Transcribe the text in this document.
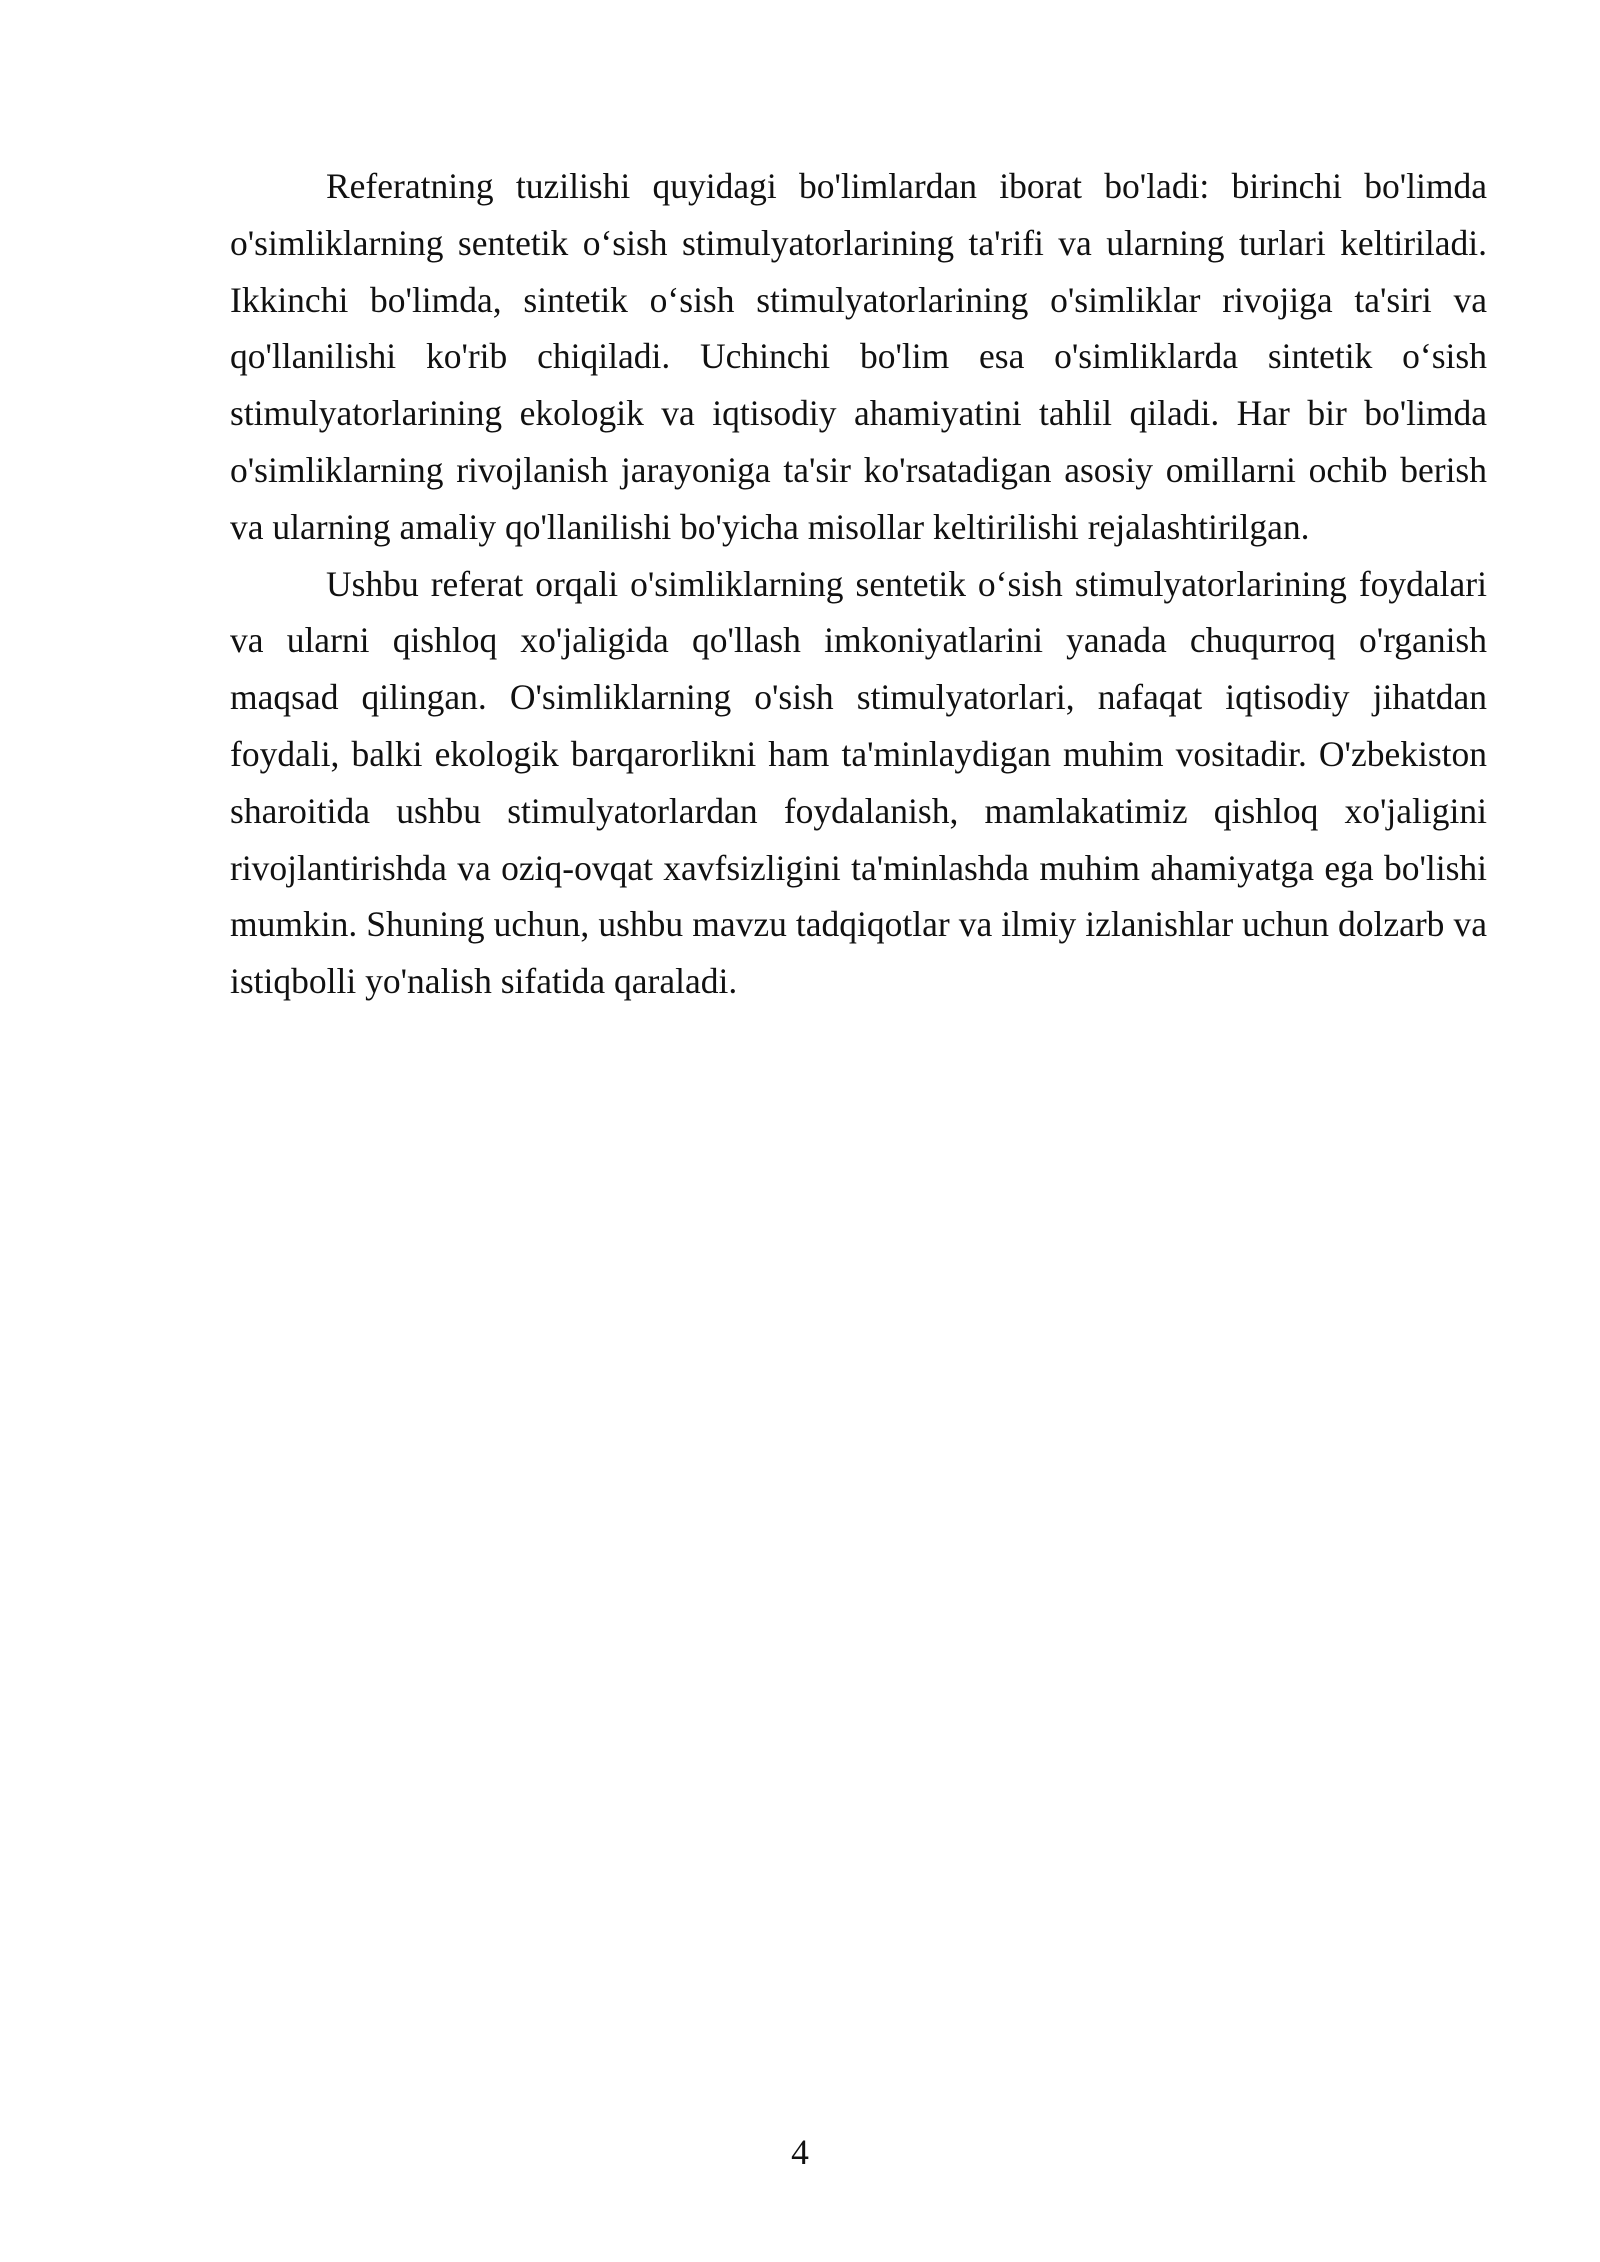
Referatning tuzilishi quyidagi bo'limlardan iborat bo'ladi: birinchi bo'limda o'simliklarning sentetik o‘sish stimulyatorlarining ta'rifi va ularning turlari keltiriladi. Ikkinchi bo'limda, sintetik o‘sish stimulyatorlarining o'simliklar rivojiga ta'siri va qo'llanilishi ko'rib chiqiladi. Uchinchi bo'lim esa o'simliklarda sintetik o‘sish stimulyatorlarining ekologik va iqtisodiy ahamiyatini tahlil qiladi. Har bir bo'limda o'simliklarning rivojlanish jarayoniga ta'sir ko'rsatadigan asosiy omillarni ochib berish va ularning amaliy qo'llanilishi bo'yicha misollar keltirilishi rejalashtirilgan.

Ushbu referat orqali o'simliklarning sentetik o‘sish stimulyatorlarining foydalari va ularni qishloq xo'jaligida qo'llash imkoniyatlarini yanada chuqurroq o'rganish maqsad qilingan. O'simliklarning o'sish stimulyatorlari, nafaqat iqtisodiy jihatdan foydali, balki ekologik barqarorlikni ham ta'minlaydigan muhim vositadir. O'zbekiston sharoitida ushbu stimulyatorlardan foydalanish, mamlakatimiz qishloq xo'jaligini rivojlantirishda va oziq-ovqat xavfsizligini ta'minlashda muhim ahamiyatga ega bo'lishi mumkin. Shuning uchun, ushbu mavzu tadqiqotlar va ilmiy izlanishlar uchun dolzarb va istiqbolli yo'nalish sifatida qaraladi.

4
